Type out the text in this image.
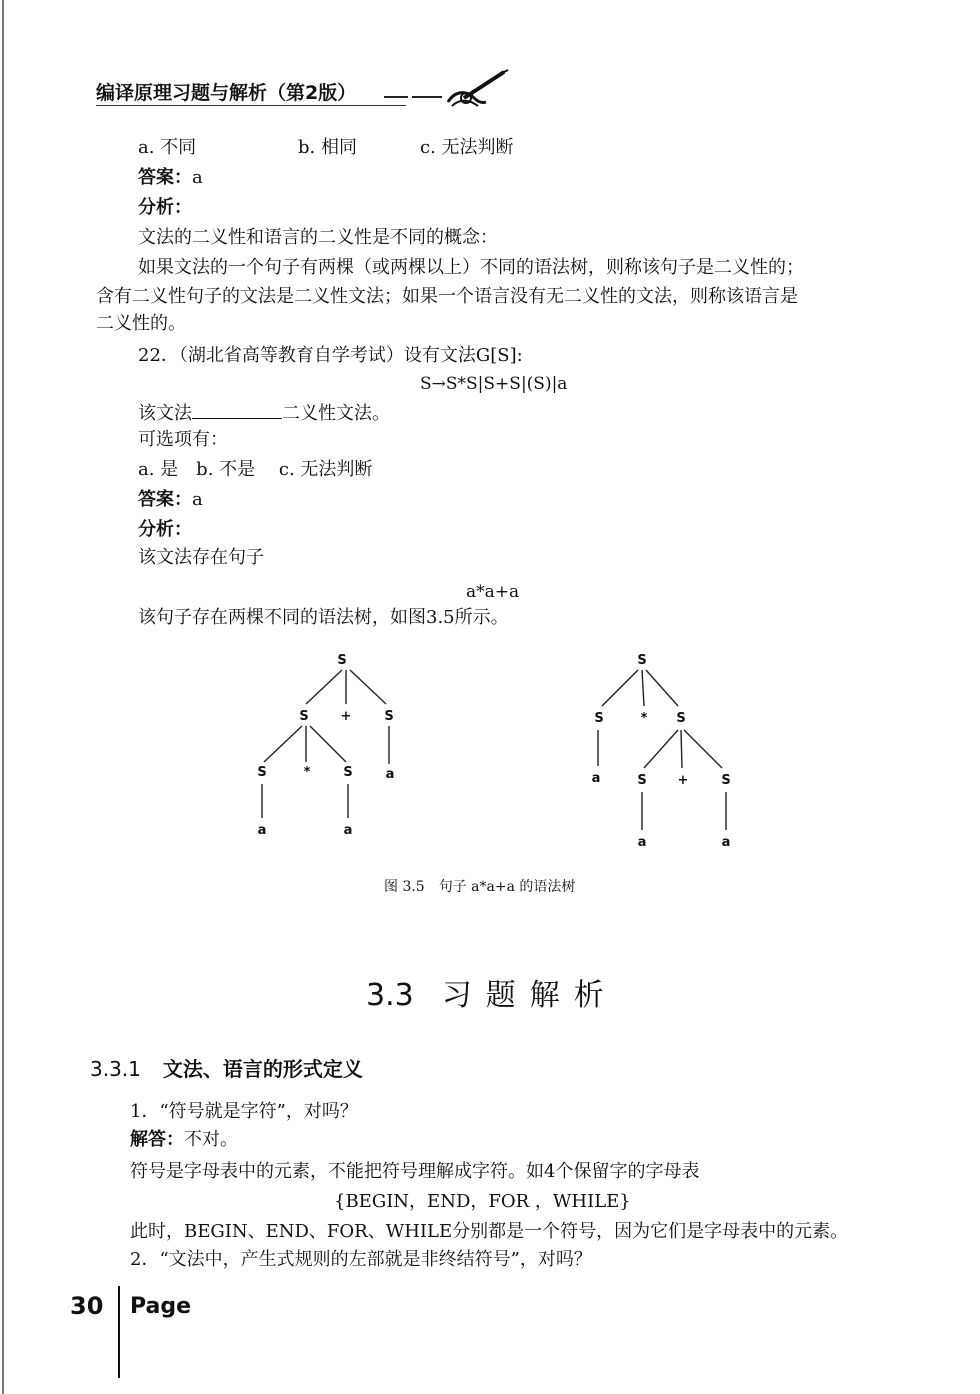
编译原理习题与解析（第2版）
a. 不同	b. 相同	c. 无法判断
答案：a
分析：
文法的二义性和语言的二义性是不同的概念：
如果文法的一个句子有两棵（或两棵以上）不同的语法树，则称该句子是二义性的；
含有二义性句子的文法是二义性文法；如果一个语言没有无二义性的文法，则称该语言是
二义性的。
22．（湖北省高等教育自学考试）设有文法G[S]:
S→S*S|S+S|(S)|a
该文法	二义性文法。
可选项有：
a. 是　b. 不是　 c. 无法判断
答案：a
分析：
该文法存在句子
a*a+a
该句子存在两棵不同的语法树，如图3.5所示。
S
S +	S
S	*	S	a
a	a
S
S	* S
a	S +	S
a	a
图 3.5　句子 a*a+a 的语法树
3.3 习题解析
3.3.1 文法、语言的形式定义
1．“符号就是字符”，对吗？
解答：不对。
符号是字母表中的元素，不能把符号理解成字符。如4个保留字的字母表
{BEGIN，END，FOR ，WHILE}
此时，BEGIN、END、FOR、WHILE分别都是一个符号，因为它们是字母表中的元素。
2．“文法中，产生式规则的左部就是非终结符号”，对吗？
30 Page
